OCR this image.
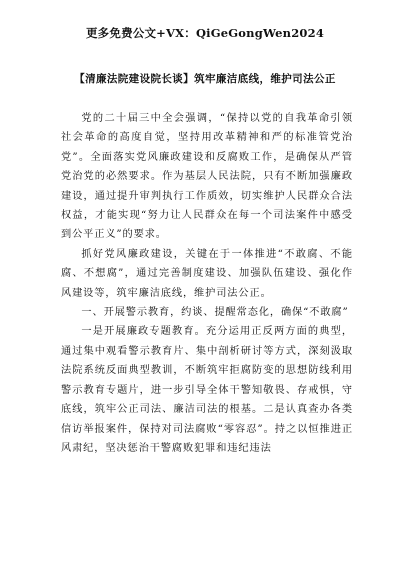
更多免费公文+VX：QiGeGongWen2024
【清廉法院建设院长谈】筑牢廉洁底线，维护司法公正

党的二十届三中全会强调，“保持以党的自我革命引领社会革命的高度自觉，坚持用改革精神和严的标准管党治党”。全面落实党风廉政建设和反腐败工作，是确保从严管党治党的必然要求。作为基层人民法院，只有不断加强廉政建设，通过提升审判执行工作质效，切实维护人民群众合法权益，才能实现“努力让人民群众在每一个司法案件中感受到公平正义”的要求。

抓好党风廉政建设，关键在于一体推进“不敢腐、不能腐、不想腐”，通过完善制度建设、加强队伍建设、强化作风建设等，筑牢廉洁底线，维护司法公正。

一、开展警示教育，约谈、提醒常态化，确保“不敢腐”

一是开展廉政专题教育。充分运用正反两方面的典型，通过集中观看警示教育片、集中剖析研讨等方式，深刻汲取法院系统反面典型教训，不断筑牢拒腐防变的思想防线利用警示教育专题片，进一步引导全体干警知敬畏、存戒惧，守底线，筑牢公正司法、廉洁司法的根基。二是认真查办各类信访举报案件，保持对司法腐败“零容忍”。持之以恒推进正风肃纪，坚决惩治干警腐败犯罪和违纪违法
